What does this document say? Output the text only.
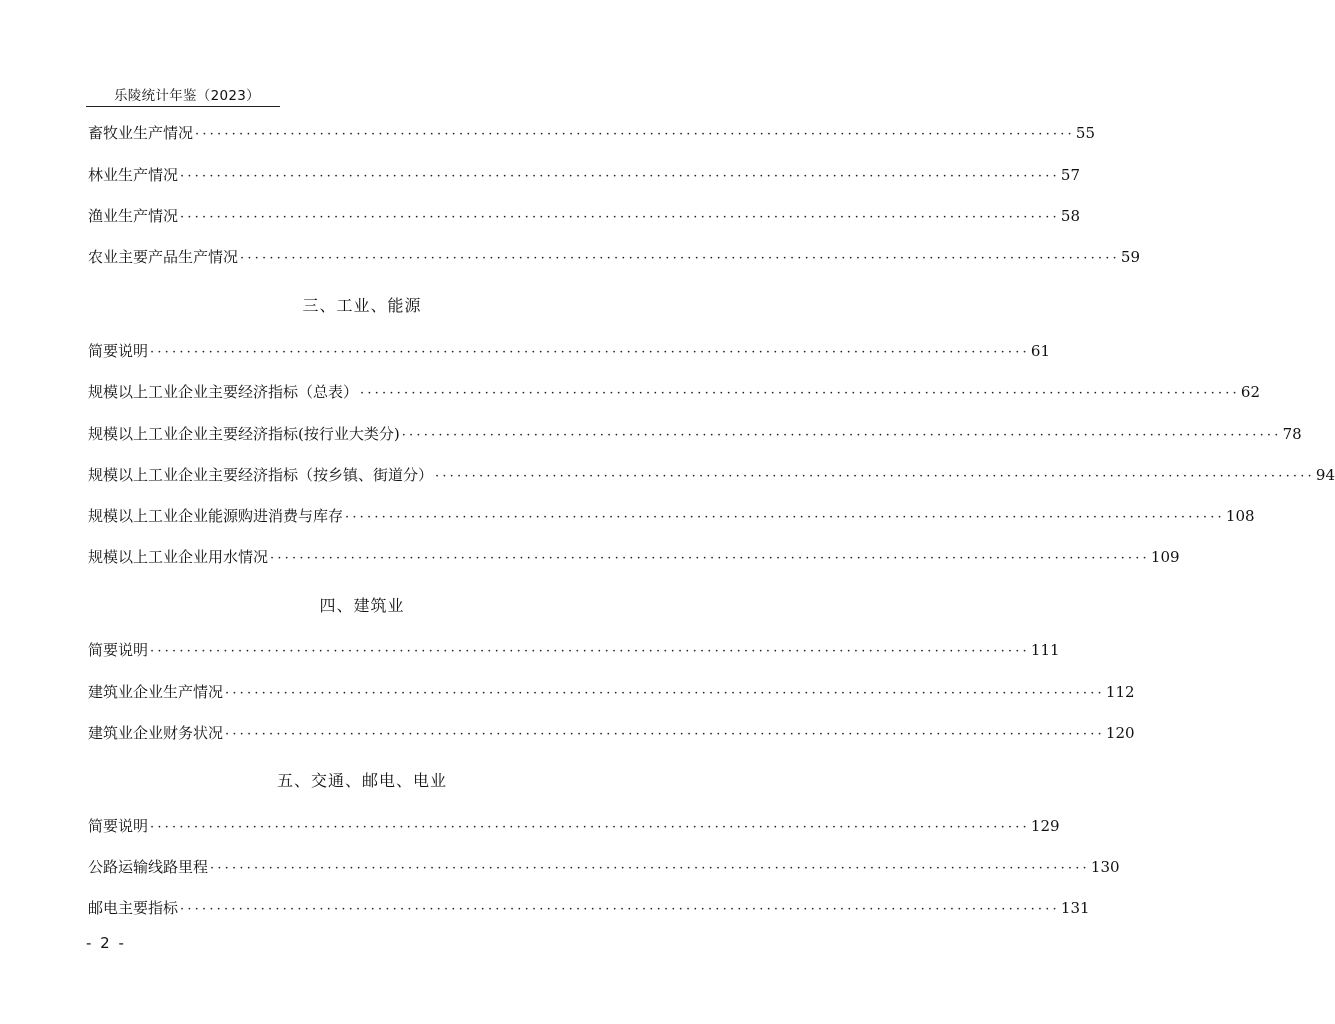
乐陵统计年鉴（2023）
畜牧业生产情况 ························································································································ 55
林业生产情况 ························································································································ 57
渔业生产情况 ························································································································ 58
农业主要产品生产情况 ························································································································ 59
三、工业、能源
简要说明 ························································································································ 61
规模以上工业企业主要经济指标（总表） ························································································································ 62
规模以上工业企业主要经济指标(按行业大类分) ························································································································ 78
规模以上工业企业主要经济指标（按乡镇、街道分） ························································································································ 94
规模以上工业企业能源购进消费与库存 ························································································································ 108
规模以上工业企业用水情况 ························································································································ 109
四、建筑业
简要说明 ························································································································ 111
建筑业企业生产情况 ························································································································ 112
建筑业企业财务状况 ························································································································ 120
五、交通、邮电、电业
简要说明 ························································································································ 129
公路运输线路里程 ························································································································ 130
邮电主要指标 ························································································································ 131
- 2 -
